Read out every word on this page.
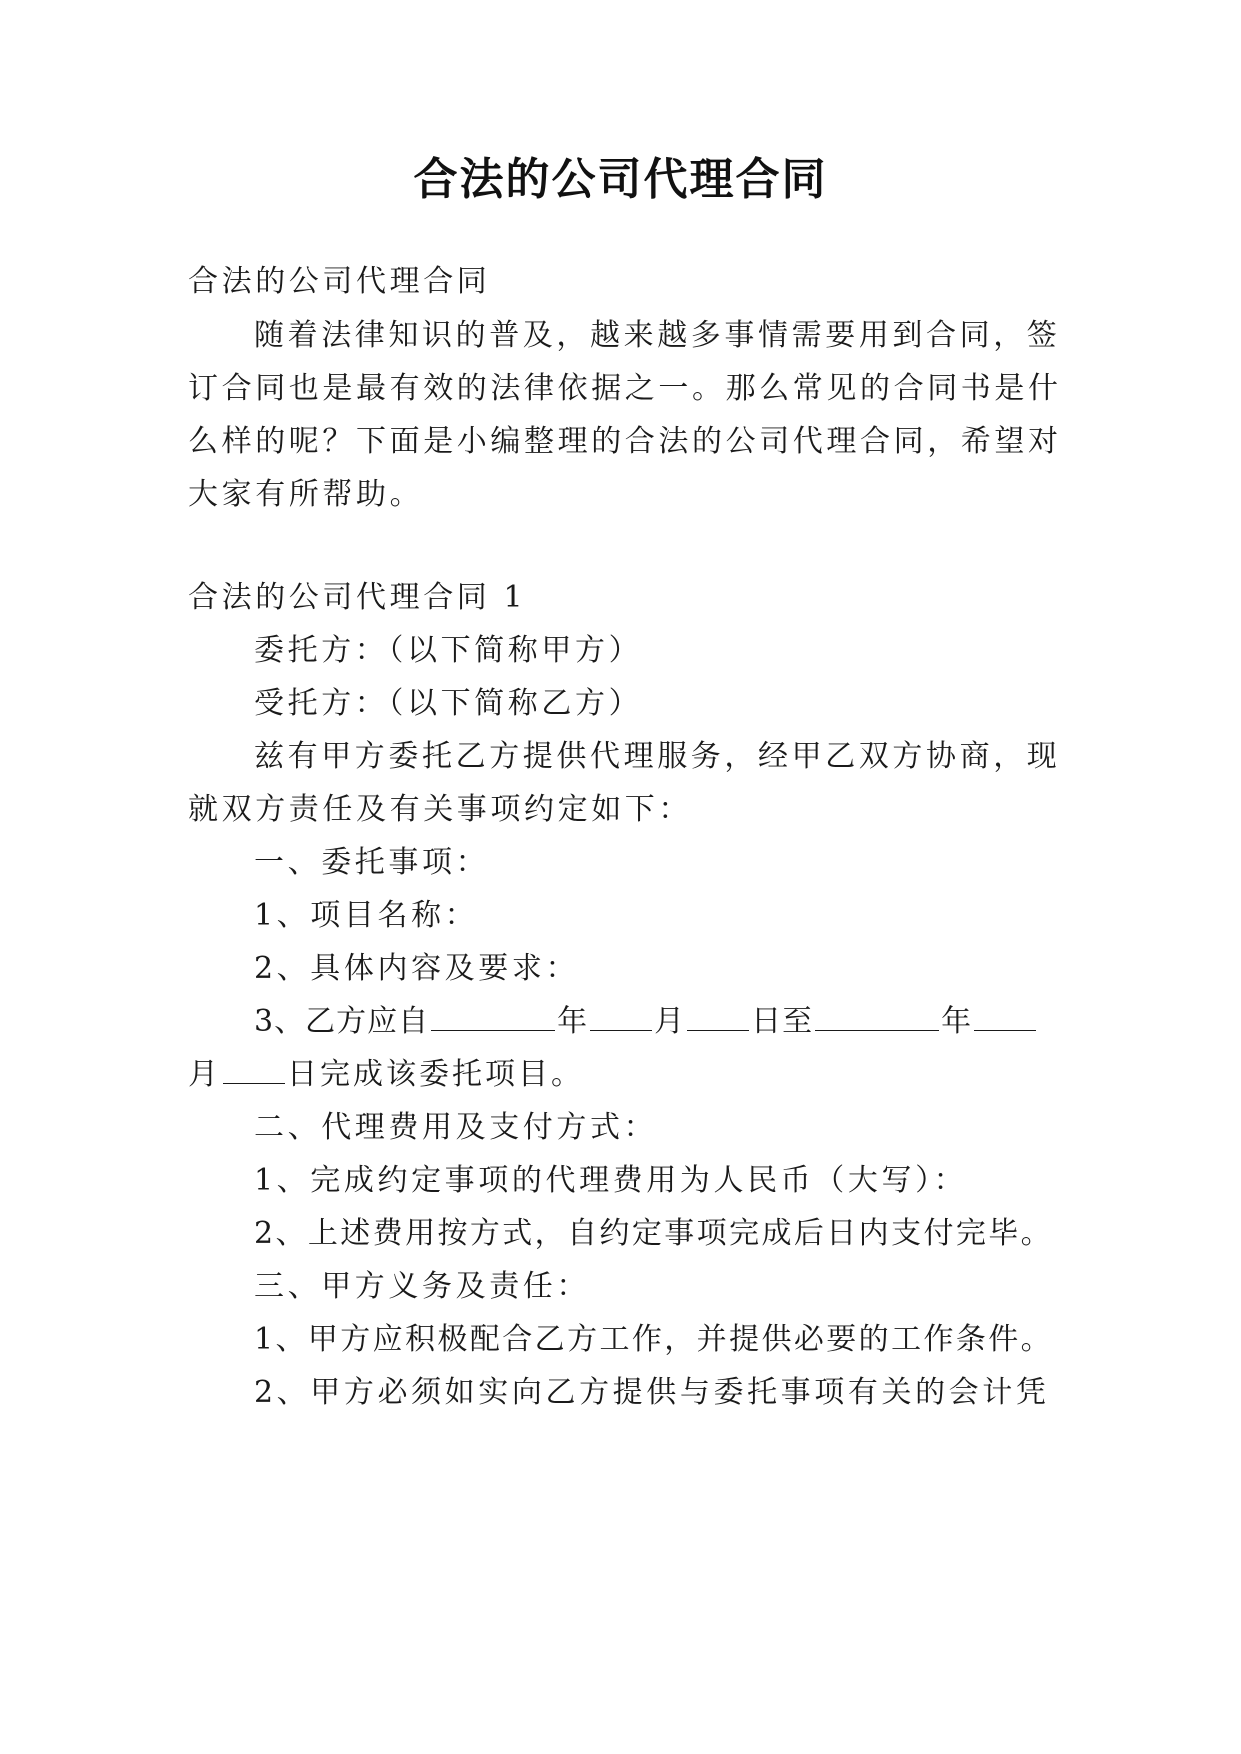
合法的公司代理合同
合法的公司代理合同
随着法律知识的普及，越来越多事情需要用到合同，签
订合同也是最有效的法律依据之一。那么常见的合同书是什
么样的呢？下面是小编整理的合法的公司代理合同，希望对
大家有所帮助。
合法的公司代理合同 1
委托方：（以下简称甲方）
受托方：（以下简称乙方）
兹有甲方委托乙方提供代理服务，经甲乙双方协商，现
就双方责任及有关事项约定如下：
一、委托事项：
1、项目名称：
2、具体内容及要求：
3、乙方应自	年 月 日至	年
月 日完成该委托项目。
二、代理费用及支付方式：
1、完成约定事项的代理费用为人民币（大写）：
2、上述费用按方式，自约定事项完成后日内支付完毕。
三、甲方义务及责任：
1、甲方应积极配合乙方工作，并提供必要的工作条件。
2、甲方必须如实向乙方提供与委托事项有关的会计凭
